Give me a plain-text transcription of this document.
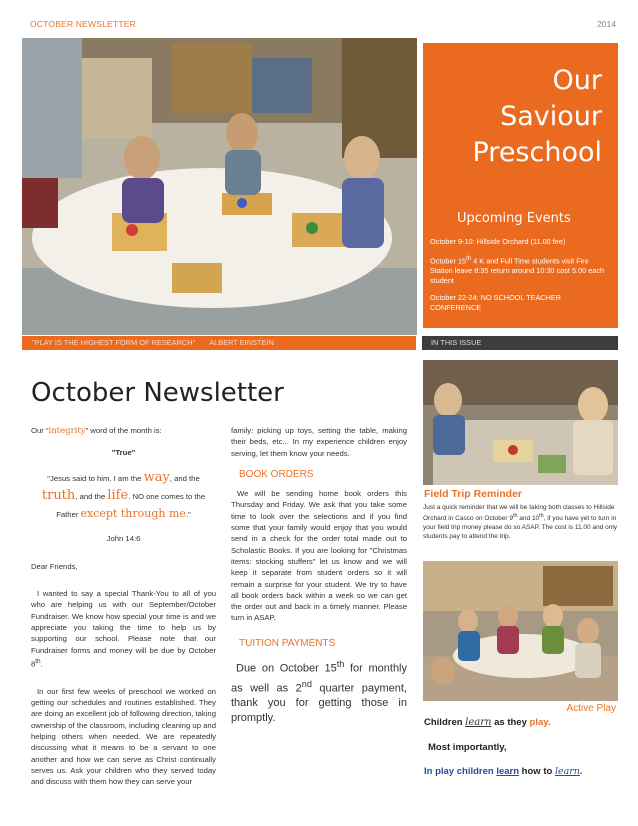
OCTOBER NEWSLETTER	2014
Our
Saviour
Preschool
Upcoming Events

October 9-10: Hillside Orchard (11.00 fee)

October 15th 4 K and Full Time students visit Fire Station leave 8:35 return around 10:30 cost 5.00 each student

October 22-24: NO SCHOOL TEACHER CONFERENCE

"PLAY IS THE HIGHEST FORM OF RESEARCH" ALBERT EINSTEIN	IN THIS ISSUE
October Newsletter
Our “integrity” word of the month is:
"True"
"Jesus said to him, I am the way, and the
truth, and the life. NO one comes to the
Father except through me."
John 14:6
Dear Friends,
I wanted to say a special Thank-You to all of you who are helping us with our September/October Fundraiser. We know how special your time is and we appreciate you taking the time to help us by supporting our school. Please note that our Fundraiser forms and money will be due by October 8th.
In our first few weeks of preschool we worked on getting our schedules and routines established. They are doing an excellent job of following direction, taking ownership of the classroom, including cleaning up and helping others when needed. We are repeatedly discussing what it means to be a servant to one another and how we can serve as Christ continually serves us. Ask your children who they served today and discuss with them how they can serve your
family: picking up toys, setting the table, making their beds, etc... In my experience children enjoy serving, let them know your needs.
BOOK ORDERS
We will be sending home book orders this Thursday and Friday. We ask that you take some time to look over the selections and if you find some that your family would enjoy that you would send in a check for the order total made out to Scholastic Books. If you are looking for "Christmas items: stocking stuffers" let us know and we will keep it separate from student orders so it will remain a surprise for your student. We try to have all book orders back within a week so we can get the order out and back in a timely manner. Please turn in ASAP.
TUITION PAYMENTS
Due on October 15th for monthly as well as 2nd quarter payment, thank you for getting those in promptly.
Field Trip Reminder
Just a quick reminder that we will be taking both classes to Hillside Orchard in Casco on October 9th and 10th, if you have yet to turn in your field trip money please do so ASAP. The cost is 11.00 and only students pay to attend the trip.
Active Play
Children learn as they play.
Most importantly,
In play children learn how to learn.
